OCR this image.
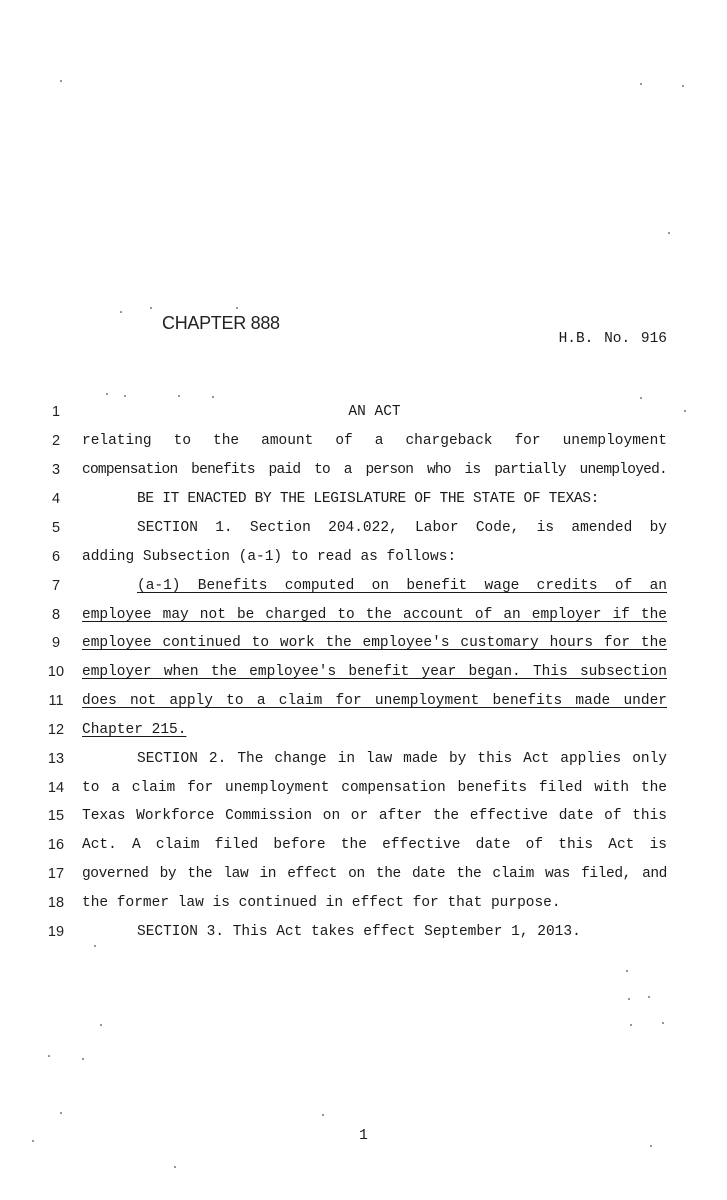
CHAPTER 888
H.B. No. 916
1	AN ACT
2	relating to the amount of a chargeback for unemployment
3	compensation benefits paid to a person who is partially unemployed.
4	BE IT ENACTED BY THE LEGISLATURE OF THE STATE OF TEXAS:
5	SECTION 1. Section 204.022, Labor Code, is amended by
6	adding Subsection (a-1) to read as follows:
7	(a-1) Benefits computed on benefit wage credits of an
8	employee may not be charged to the account of an employer if the
9	employee continued to work the employee's customary hours for the
10 employer when the employee's benefit year began. This subsection
11	does not apply to a claim for unemployment benefits made under
12 Chapter 215.
13	SECTION 2. The change in law made by this Act applies only
14 to a claim for unemployment compensation benefits filed with the
15 Texas Workforce Commission on or after the effective date of this
16 Act. A claim filed before the effective date of this Act is
17 governed by the law in effect on the date the claim was filed, and
18 the former law is continued in effect for that purpose.
19	SECTION 3. This Act takes effect September 1, 2013.
1
